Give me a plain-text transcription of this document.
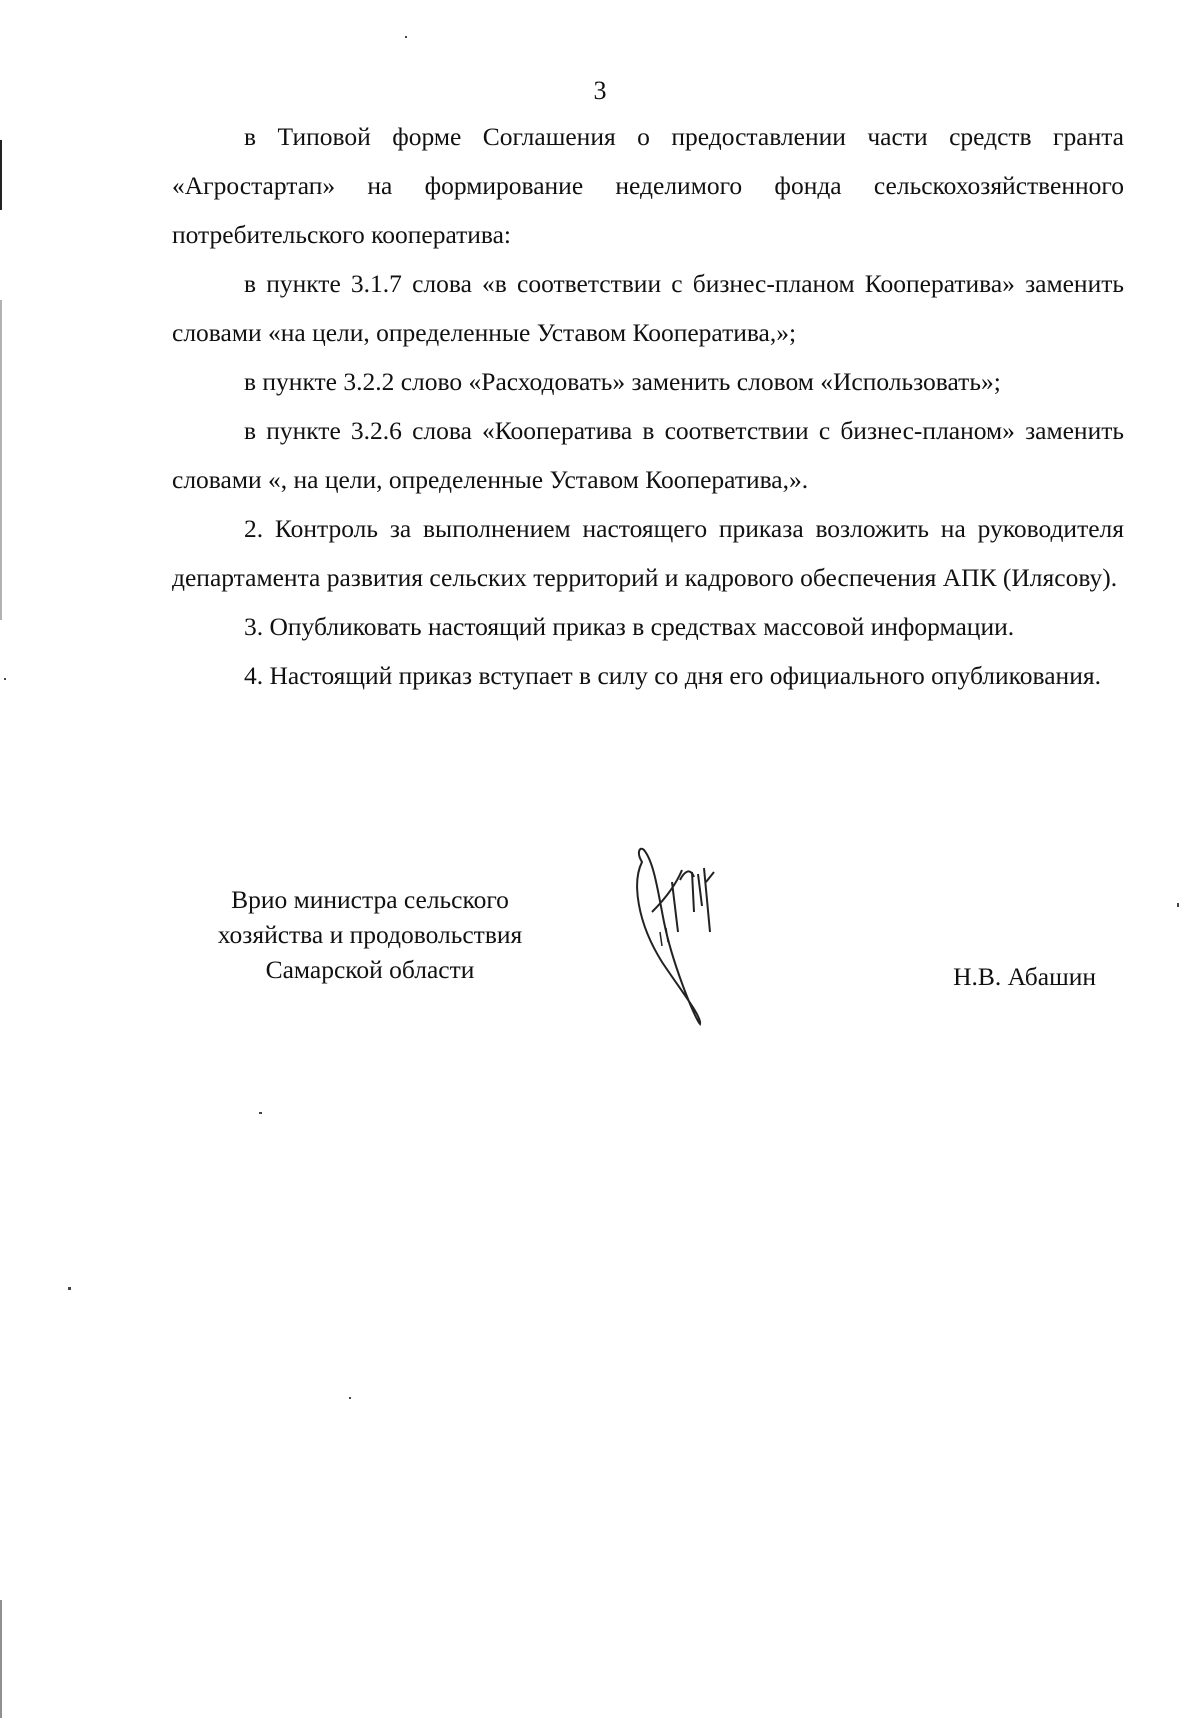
3

в Типовой форме Соглашения о предоставлении части средств гранта «Агростартап» на формирование неделимого фонда сельскохозяйственного потребительского кооператива:

в пункте 3.1.7 слова «в соответствии с бизнес-планом Кооператива» заменить словами «на цели, определенные Уставом Кооператива,»;

в пункте 3.2.2 слово «Расходовать» заменить словом «Использовать»;

в пункте 3.2.6 слова «Кооператива в соответствии с бизнес-планом» заменить словами «, на цели, определенные Уставом Кооператива,».

2. Контроль за выполнением настоящего приказа возложить на руководителя департамента развития сельских территорий и кадрового обеспечения АПК (Илясову).

3. Опубликовать настоящий приказ в средствах массовой информации.

4. Настоящий приказ вступает в силу со дня его официального опубликования.

Врио министра сельского
хозяйства и продовольствия
Самарской области	Н.В. Абашин
